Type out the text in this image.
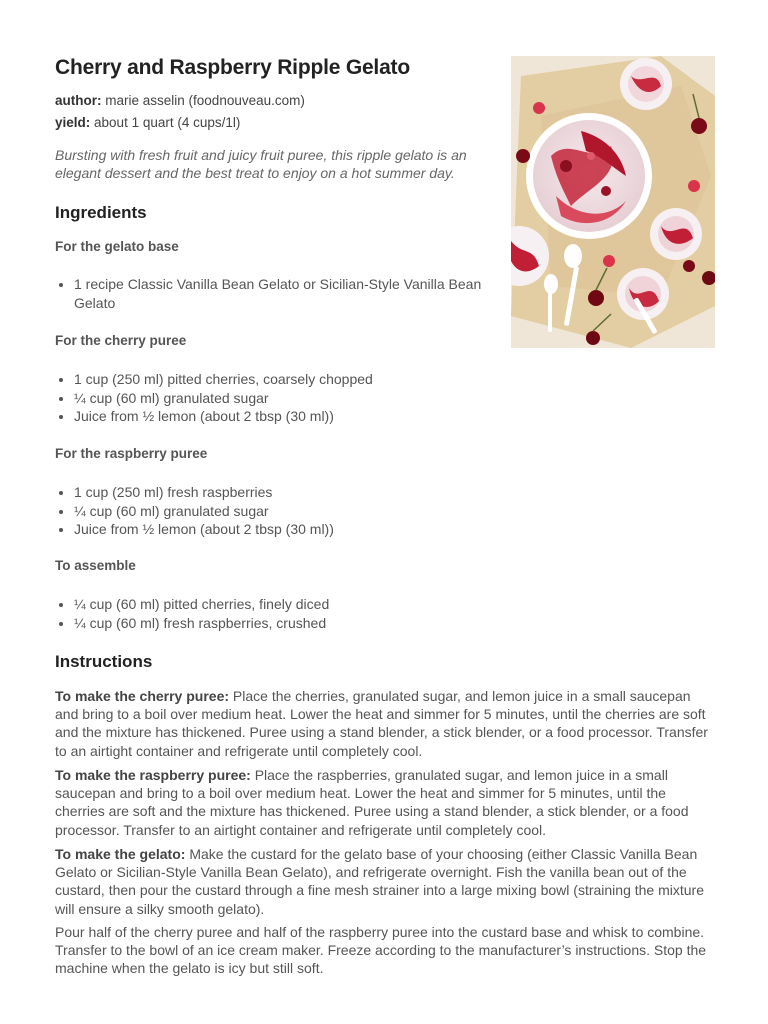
Cherry and Raspberry Ripple Gelato
author: marie asselin (foodnouveau.com)
yield: about 1 quart (4 cups/1l)

Bursting with fresh fruit and juicy fruit puree, this ripple gelato is an elegant dessert and the best treat to enjoy on a hot summer day.

Ingredients
For the gelato base
• 1 recipe Classic Vanilla Bean Gelato or Sicilian-Style Vanilla Bean Gelato
For the cherry puree
• 1 cup (250 ml) pitted cherries, coarsely chopped
• ¼ cup (60 ml) granulated sugar
• Juice from ½ lemon (about 2 tbsp (30 ml))
For the raspberry puree
• 1 cup (250 ml) fresh raspberries
• ¼ cup (60 ml) granulated sugar
• Juice from ½ lemon (about 2 tbsp (30 ml))
To assemble
• ¼ cup (60 ml) pitted cherries, finely diced
• ¼ cup (60 ml) fresh raspberries, crushed
Instructions

To make the cherry puree: Place the cherries, granulated sugar, and lemon juice in a small saucepan and bring to a boil over medium heat. Lower the heat and simmer for 5 minutes, until the cherries are soft and the mixture has thickened. Puree using a stand blender, a stick blender, or a food processor. Transfer to an airtight container and refrigerate until completely cool.

To make the raspberry puree: Place the raspberries, granulated sugar, and lemon juice in a small saucepan and bring to a boil over medium heat. Lower the heat and simmer for 5 minutes, until the cherries are soft and the mixture has thickened. Puree using a stand blender, a stick blender, or a food processor. Transfer to an airtight container and refrigerate until completely cool.

To make the gelato: Make the custard for the gelato base of your choosing (either Classic Vanilla Bean Gelato or Sicilian-Style Vanilla Bean Gelato), and refrigerate overnight. Fish the vanilla bean out of the custard, then pour the custard through a fine mesh strainer into a large mixing bowl (straining the mixture will ensure a silky smooth gelato).

Pour half of the cherry puree and half of the raspberry puree into the custard base and whisk to combine. Transfer to the bowl of an ice cream maker. Freeze according to the manufacturer’s instructions. Stop the machine when the gelato is icy but still soft.
